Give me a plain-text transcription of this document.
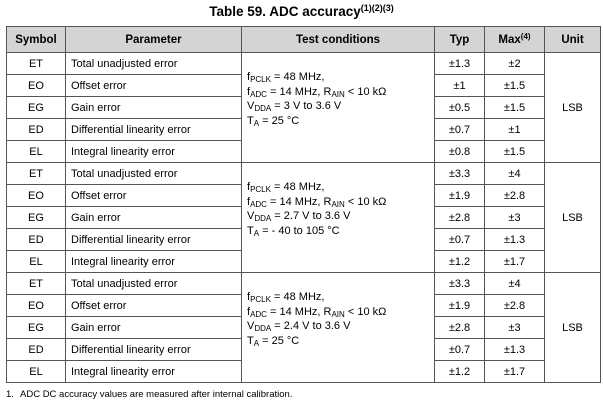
Table 59. ADC accuracy$^{(1)(2)(3)}$
Symbol	Parameter	Test conditions	Typ	Max$^{(4)}$	Unit
ET	Total unadjusted error	$f_{PCLK} = 48$ MHz,
$f_{ADC} = 14$ MHz, $R_{AIN} < 10$ kΩ
$V_{DDA} = 3$ V to 3.6 V
$T_A = 25$ °C	±1.3	±2	LSB
EO	Offset error		±1	±1.5	
EG	Gain error		±0.5	±1.5	
ED	Differential linearity error		±0.7	±1	
EL	Integral linearity error		±0.8	±1.5	
ET	Total unadjusted error	$f_{PCLK} = 48$ MHz,
$f_{ADC} = 14$ MHz, $R_{AIN} < 10$ kΩ
$V_{DDA} = 2.7$ V to 3.6 V
$T_A$ = - 40 to 105 °C	±3.3	±4	LSB
EO	Offset error		±1.9	±2.8	
EG	Gain error		±2.8	±3	
ED	Differential linearity error		±0.7	±1.3	
EL	Integral linearity error		±1.2	±1.7	
ET	Total unadjusted error	$f_{PCLK} = 48$ MHz,
$f_{ADC} = 14$ MHz, $R_{AIN} < 10$ kΩ
$V_{DDA} = 2.4$ V to 3.6 V
$T_A = 25$ °C	±3.3	±4	LSB
EO	Offset error		±1.9	±2.8	
EG	Gain error		±2.8	±3	
ED	Differential linearity error		±0.7	±1.3	
EL	Integral linearity error		±1.2	±1.7	
1. ADC DC accuracy values are measured after internal calibration.
